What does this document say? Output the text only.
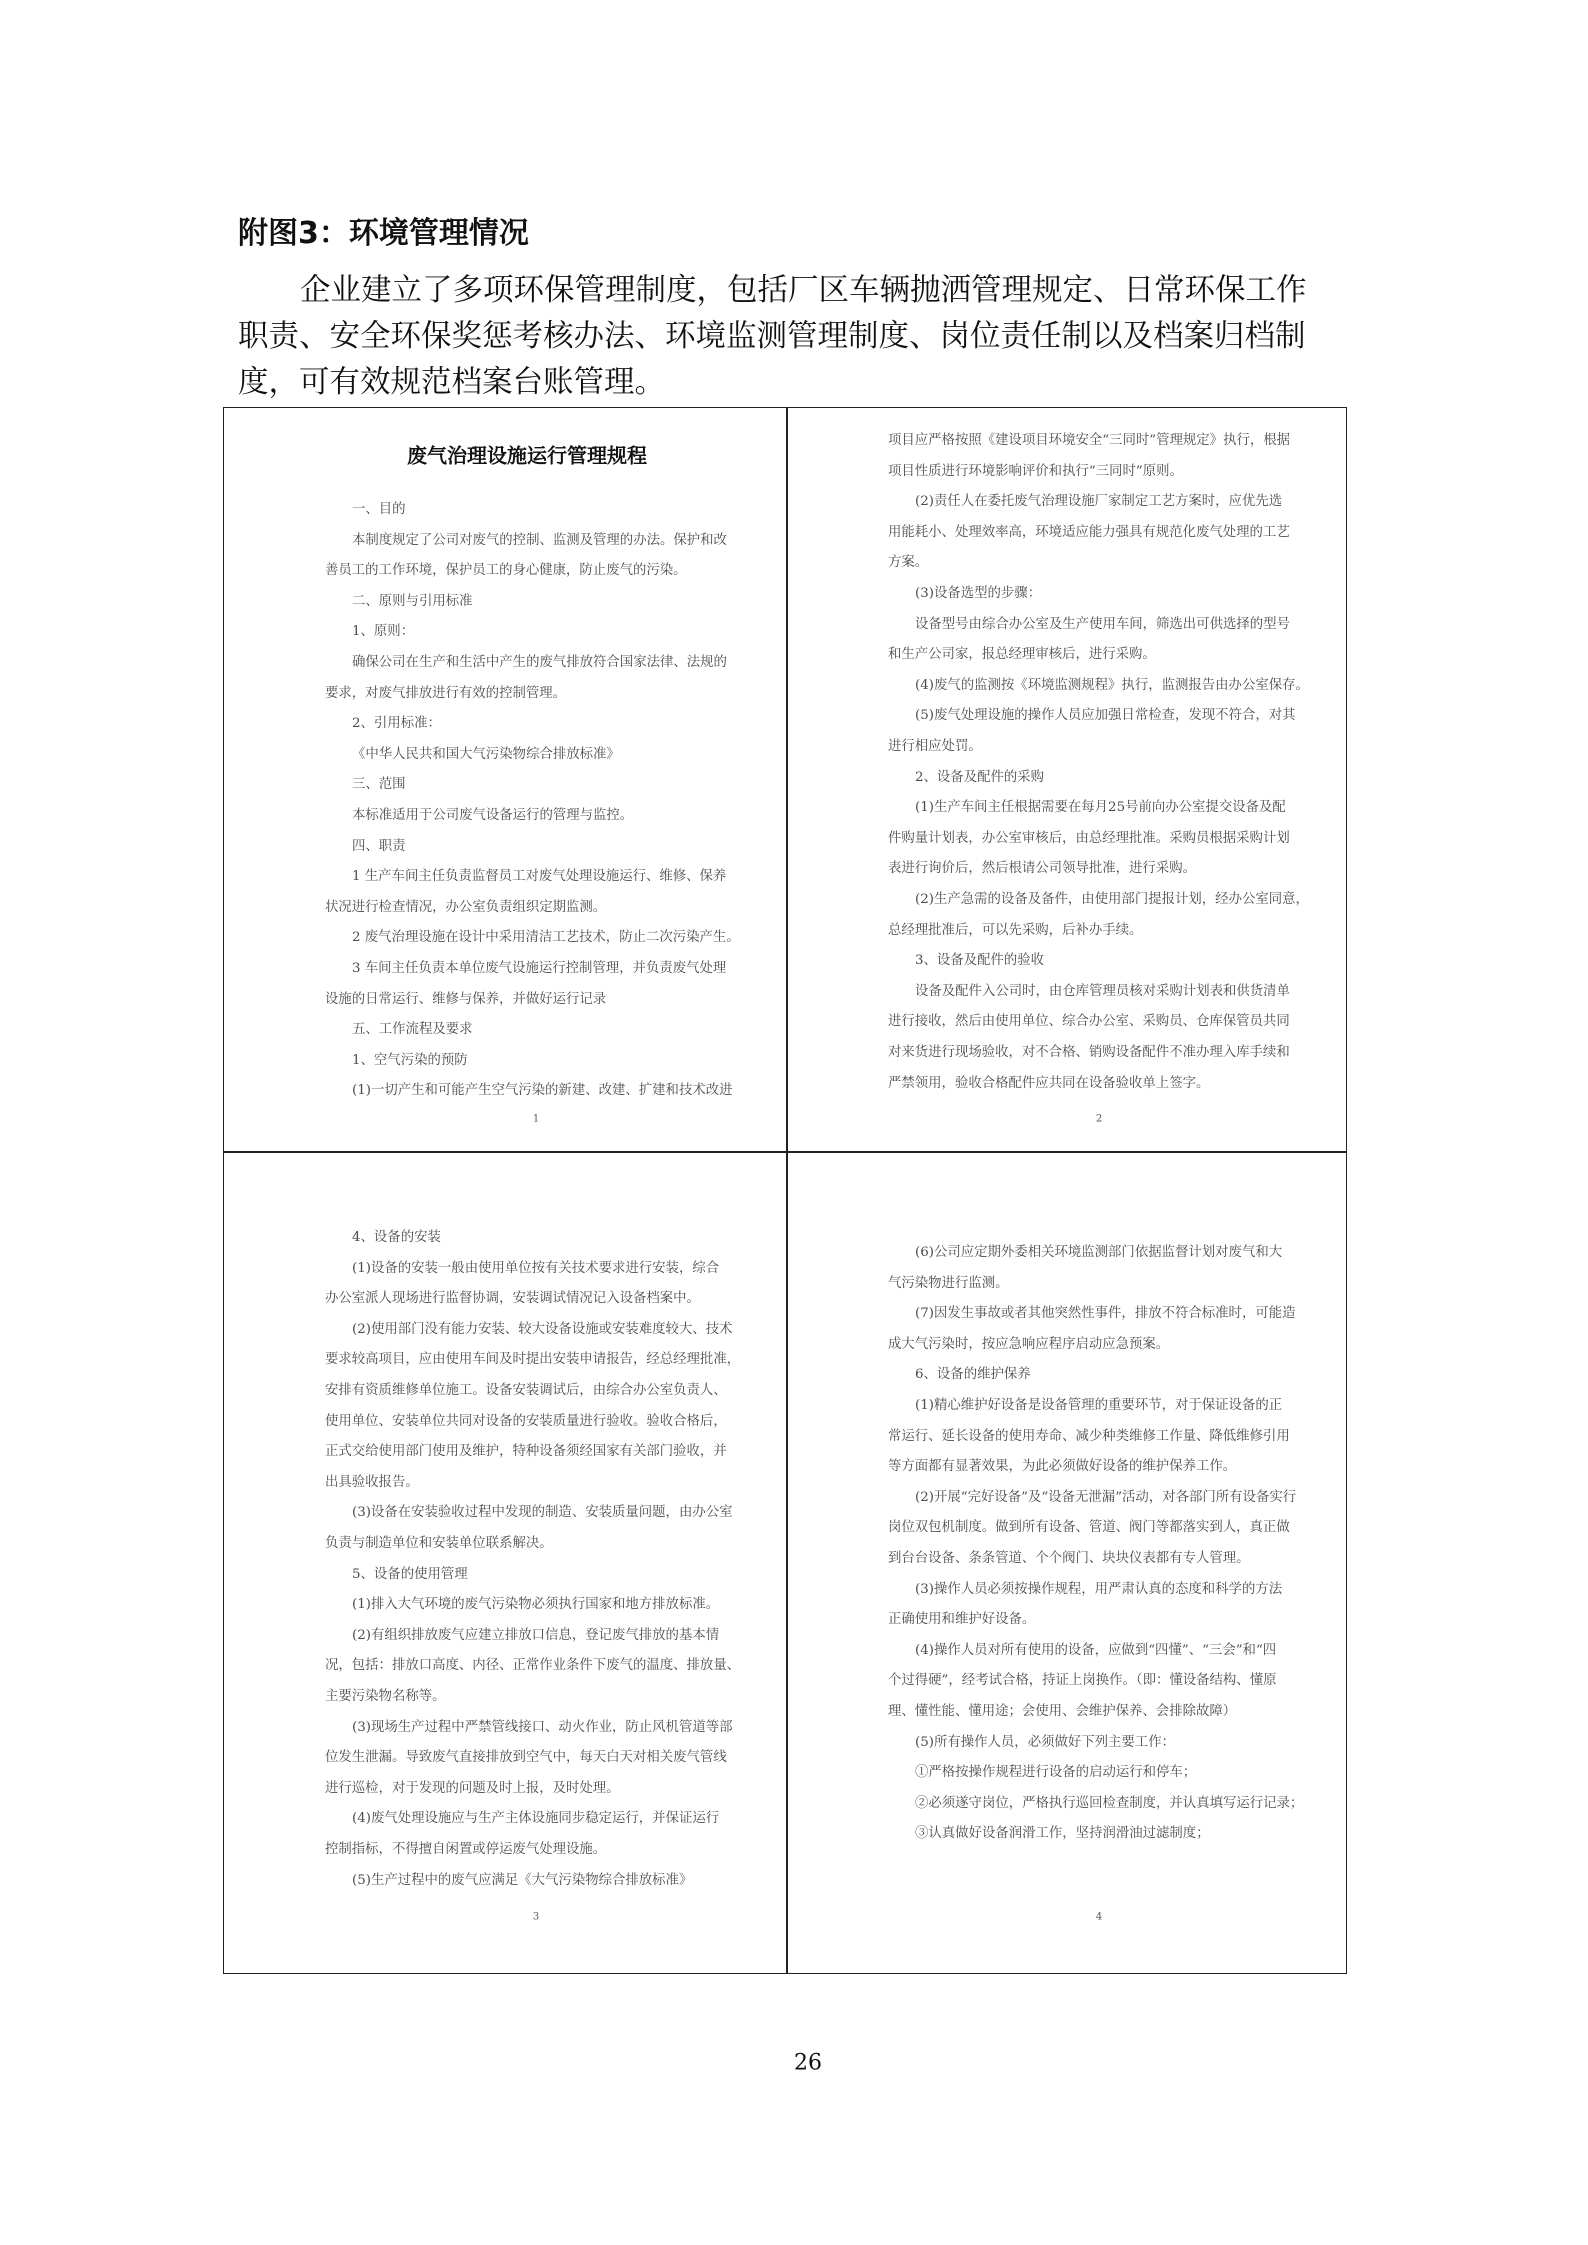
附图3：环境管理情况
企业建立了多项环保管理制度，包括厂区车辆抛洒管理规定、日常环保工作
职责、安全环保奖惩考核办法、环境监测管理制度、岗位责任制以及档案归档制
度，可有效规范档案台账管理。
废气治理设施运行管理规程
一、目的
本制度规定了公司对废气的控制、监测及管理的办法。保护和改
善员工的工作环境，保护员工的身心健康，防止废气的污染。
二、原则与引用标准
1、原则：
确保公司在生产和生活中产生的废气排放符合国家法律、法规的
要求，对废气排放进行有效的控制管理。
2、引用标准：
《中华人民共和国大气污染物综合排放标准》
三、范围
本标准适用于公司废气设备运行的管理与监控。
四、职责
1 生产车间主任负责监督员工对废气处理设施运行、维修、保养
状况进行检查情况，办公室负责组织定期监测。
2 废气治理设施在设计中采用清洁工艺技术，防止二次污染产生。
3 车间主任负责本单位废气设施运行控制管理，并负责废气处理
设施的日常运行、维修与保养，并做好运行记录
五、工作流程及要求
1、空气污染的预防
(1)一切产生和可能产生空气污染的新建、改建、扩建和技术改进
1
项目应严格按照《建设项目环境安全“三同时”管理规定》执行，根据
项目性质进行环境影响评价和执行“三同时”原则。
(2)责任人在委托废气治理设施厂家制定工艺方案时，应优先选
用能耗小、处理效率高，环境适应能力强具有规范化废气处理的工艺
方案。
(3)设备选型的步骤：
设备型号由综合办公室及生产使用车间，筛选出可供选择的型号
和生产公司家，报总经理审核后，进行采购。
(4)废气的监测按《环境监测规程》执行，监测报告由办公室保存。
(5)废气处理设施的操作人员应加强日常检查，发现不符合，对其
进行相应处罚。
2、设备及配件的采购
(1)生产车间主任根据需要在每月25号前向办公室提交设备及配
件购量计划表，办公室审核后，由总经理批准。采购员根据采购计划
表进行询价后，然后根请公司领导批准，进行采购。
(2)生产急需的设备及备件，由使用部门提报计划，经办公室同意，
总经理批准后，可以先采购，后补办手续。
3、设备及配件的验收
设备及配件入公司时，由仓库管理员核对采购计划表和供货清单
进行接收，然后由使用单位、综合办公室、采购员、仓库保管员共同
对来货进行现场验收，对不合格、销购设备配件不准办理入库手续和
严禁领用，验收合格配件应共同在设备验收单上签字。
2
4、设备的安装
(1)设备的安装一般由使用单位按有关技术要求进行安装，综合
办公室派人现场进行监督协调，安装调试情况记入设备档案中。
(2)使用部门没有能力安装、较大设备设施或安装难度较大、技术
要求较高项目，应由使用车间及时提出安装申请报告，经总经理批准，
安排有资质维修单位施工。设备安装调试后，由综合办公室负责人、
使用单位、安装单位共同对设备的安装质量进行验收。验收合格后，
正式交给使用部门使用及维护，特种设备须经国家有关部门验收，并
出具验收报告。
(3)设备在安装验收过程中发现的制造、安装质量问题，由办公室
负责与制造单位和安装单位联系解决。
5、设备的使用管理
(1)排入大气环境的废气污染物必须执行国家和地方排放标准。
(2)有组织排放废气应建立排放口信息，登记废气排放的基本情
况，包括：排放口高度、内径、正常作业条件下废气的温度、排放量、
主要污染物名称等。
(3)现场生产过程中严禁管线接口、动火作业，防止风机管道等部
位发生泄漏。导致废气直接排放到空气中，每天白天对相关废气管线
进行巡检，对于发现的问题及时上报，及时处理。
(4)废气处理设施应与生产主体设施同步稳定运行，并保证运行
控制指标，不得擅自闲置或停运废气处理设施。
(5)生产过程中的废气应满足《大气污染物综合排放标准》
3
(6)公司应定期外委相关环境监测部门依据监督计划对废气和大
气污染物进行监测。
(7)因发生事故或者其他突然性事件，排放不符合标准时，可能造
成大气污染时，按应急响应程序启动应急预案。
6、设备的维护保养
(1)精心维护好设备是设备管理的重要环节，对于保证设备的正
常运行、延长设备的使用寿命、减少种类维修工作量、降低维修引用
等方面都有显著效果，为此必须做好设备的维护保养工作。
(2)开展“完好设备”及“设备无泄漏”活动，对各部门所有设备实行
岗位双包机制度。做到所有设备、管道、阀门等都落实到人，真正做
到台台设备、条条管道、个个阀门、块块仪表都有专人管理。
(3)操作人员必须按操作规程，用严肃认真的态度和科学的方法
正确使用和维护好设备。
(4)操作人员对所有使用的设备，应做到“四懂”、“三会”和“四
个过得硬”，经考试合格，持证上岗换作。（即：懂设备结构、懂原
理、懂性能、懂用途；会使用、会维护保养、会排除故障）
(5)所有操作人员，必须做好下列主要工作：
①严格按操作规程进行设备的启动运行和停车；
②必须遂守岗位，严格执行巡回检查制度，并认真填写运行记录；
③认真做好设备润滑工作，坚持润滑油过滤制度；
4
26
